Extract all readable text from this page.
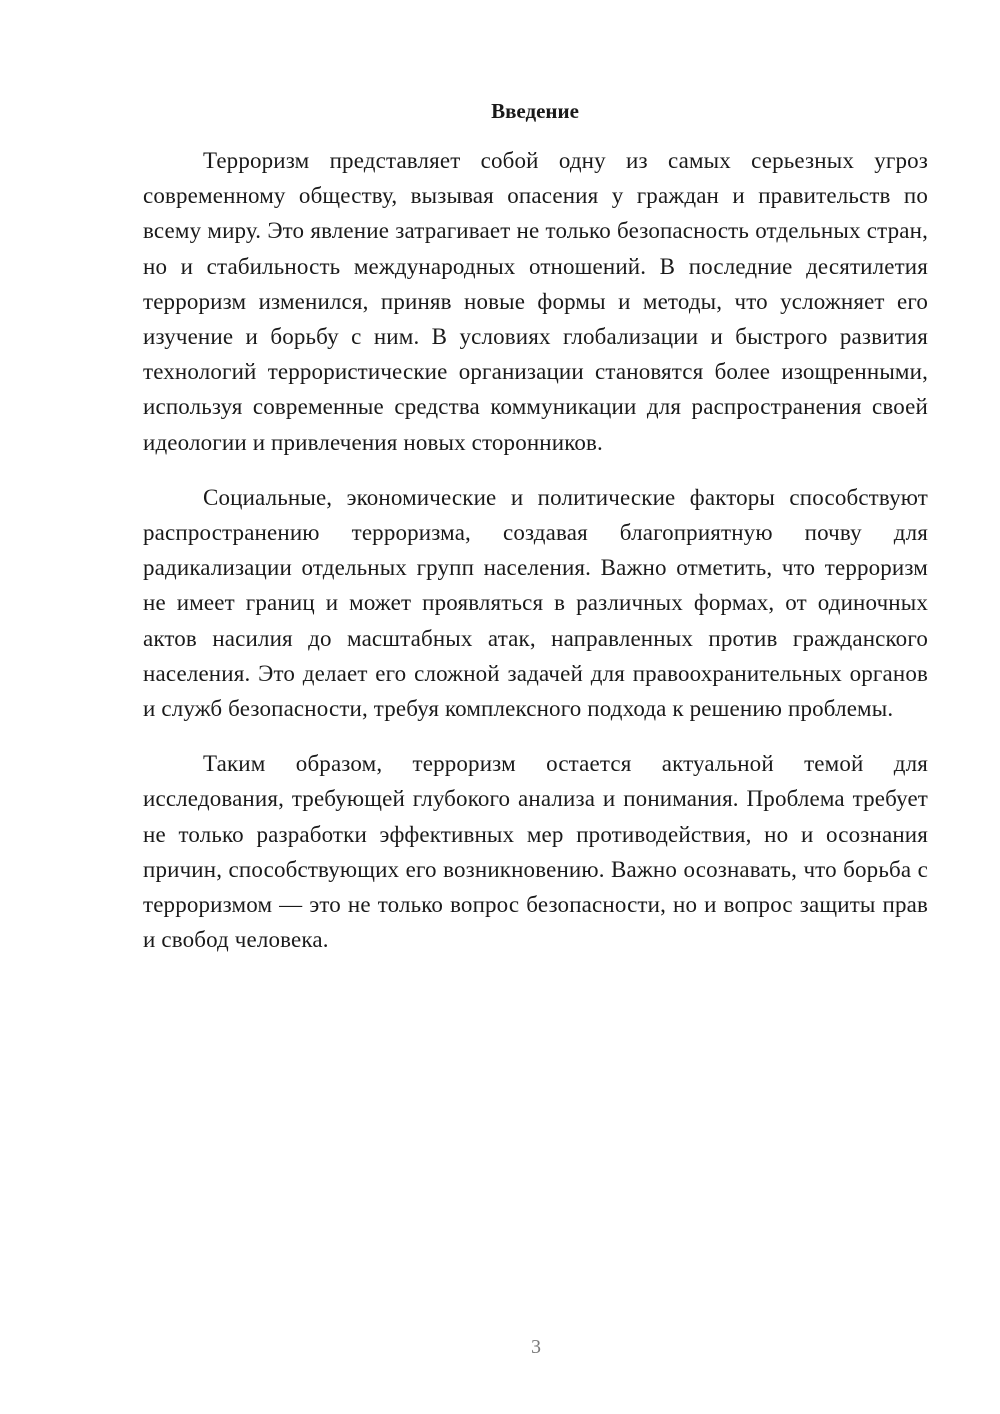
Введение

Терроризм представляет собой одну из самых серьезных угроз современному обществу, вызывая опасения у граждан и правительств по всему миру. Это явление затрагивает не только безопасность отдельных стран, но и стабильность международных отношений. В последние десятилетия терроризм изменился, приняв новые формы и методы, что усложняет его изучение и борьбу с ним. В условиях глобализации и быстрого развития технологий террористические организации становятся более изощренными, используя современные средства коммуникации для распространения своей идеологии и привлечения новых сторонников.

Социальные, экономические и политические факторы способствуют распространению терроризма, создавая благоприятную почву для радикализации отдельных групп населения. Важно отметить, что терроризм не имеет границ и может проявляться в различных формах, от одиночных актов насилия до масштабных атак, направленных против гражданского населения. Это делает его сложной задачей для правоохранительных органов и служб безопасности, требуя комплексного подхода к решению проблемы.

Таким образом, терроризм остается актуальной темой для исследования, требующей глубокого анализа и понимания. Проблема требует не только разработки эффективных мер противодействия, но и осознания причин, способствующих его возникновению. Важно осознавать, что борьба с терроризмом — это не только вопрос безопасности, но и вопрос защиты прав и свобод человека.

3
